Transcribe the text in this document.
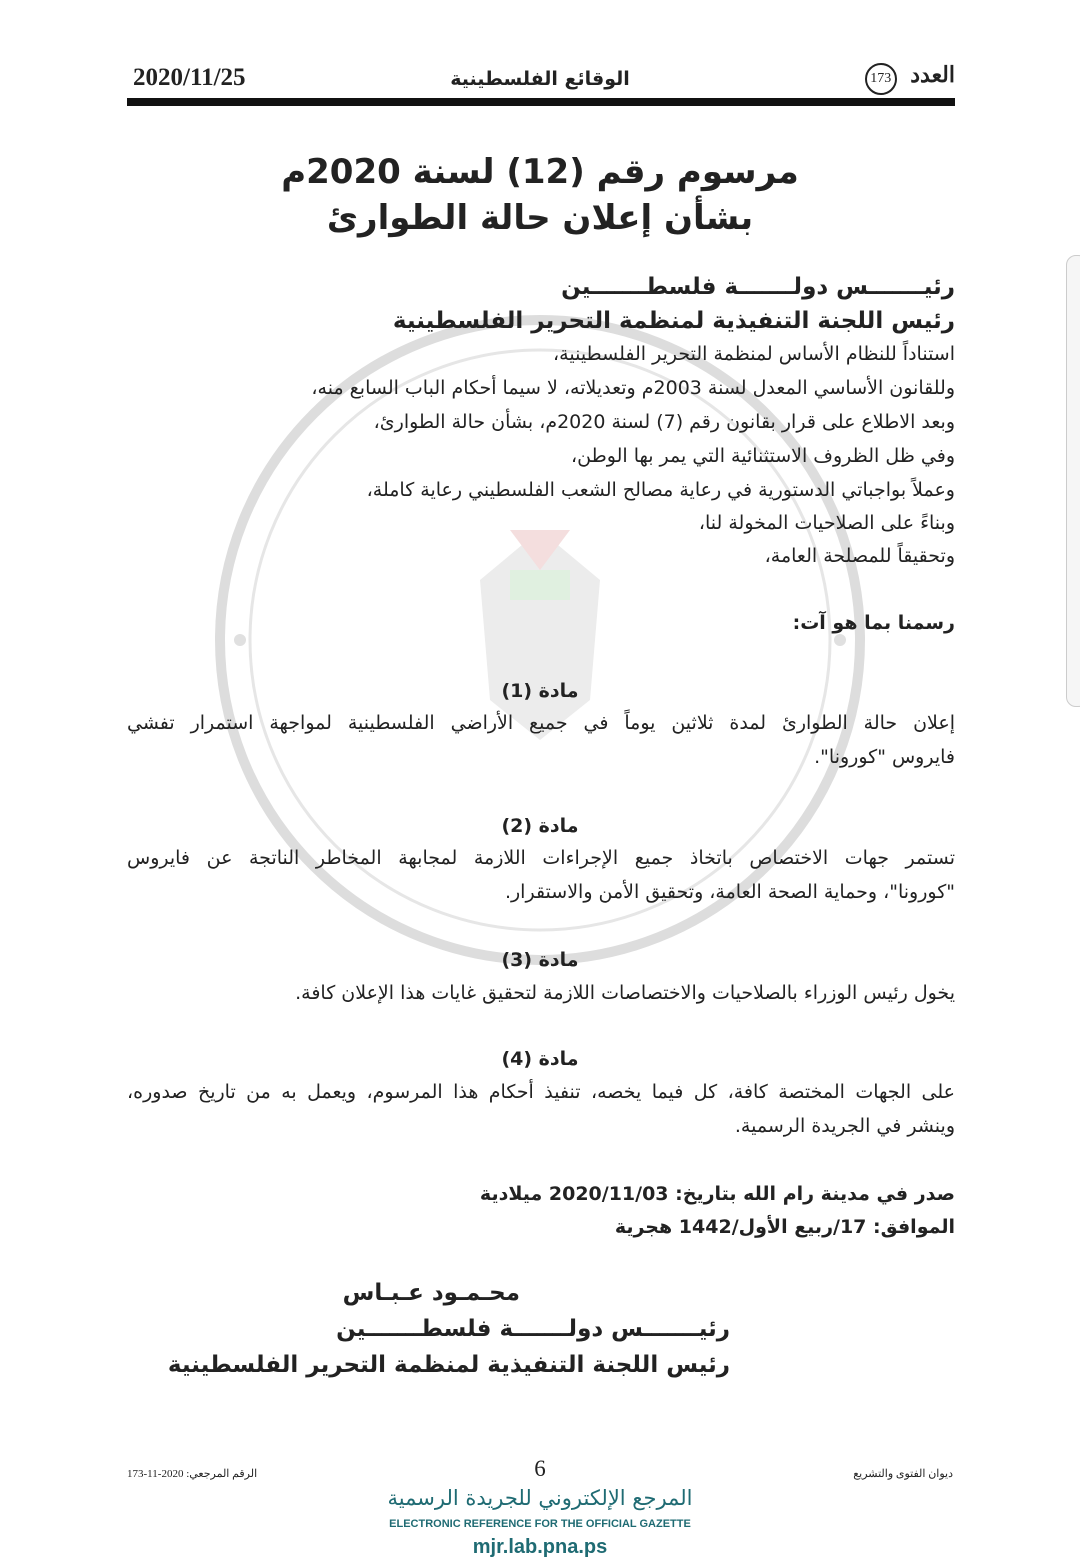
العدد 173
الوقائع الفلسطينية
2020/11/25
مرسوم رقم (12) لسنة 2020م
بشأن إعلان حالة الطوارئ
رئيـــــــس دولـــــــة فلسطـــــــين
رئيس اللجنة التنفيذية لمنظمة التحرير الفلسطينية
استناداً للنظام الأساس لمنظمة التحرير الفلسطينية،
وللقانون الأساسي المعدل لسنة 2003م وتعديلاته، لا سيما أحكام الباب السابع منه،
وبعد الاطلاع على قرار بقانون رقم (7) لسنة 2020م، بشأن حالة الطوارئ،
وفي ظل الظروف الاستثنائية التي يمر بها الوطن،
وعملاً بواجباتي الدستورية في رعاية مصالح الشعب الفلسطيني رعاية كاملة،
وبناءً على الصلاحيات المخولة لنا،
وتحقيقاً للمصلحة العامة،
رسمنا بما هو آت:
مادة (1)
إعلان حالة الطوارئ لمدة ثلاثين يوماً في جميع الأراضي الفلسطينية لمواجهة استمرار تفشي
فايروس "كورونا".
مادة (2)
تستمر جهات الاختصاص باتخاذ جميع الإجراءات اللازمة لمجابهة المخاطر الناتجة عن فايروس
"كورونا"، وحماية الصحة العامة، وتحقيق الأمن والاستقرار.
مادة (3)
يخول رئيس الوزراء بالصلاحيات والاختصاصات اللازمة لتحقيق غايات هذا الإعلان كافة.
مادة (4)
على الجهات المختصة كافة، كل فيما يخصه، تنفيذ أحكام هذا المرسوم، ويعمل به من تاريخ صدوره،
وينشر في الجريدة الرسمية.
صدر في مدينة رام الله بتاريخ: 2020/11/03 ميلادية
الموافق: 17/ربيع الأول/1442 هجرية
محـمـود عـبـاس
رئيـــــــس دولـــــــة فلسطـــــــين
رئيس اللجنة التنفيذية لمنظمة التحرير الفلسطينية
الرقم المرجعي: 2020-11-173	6	ديوان الفتوى والتشريع
المرجع الإلكتروني للجريدة الرسمية
ELECTRONIC REFERENCE FOR THE OFFICIAL GAZETTE
mjr.lab.pna.ps
